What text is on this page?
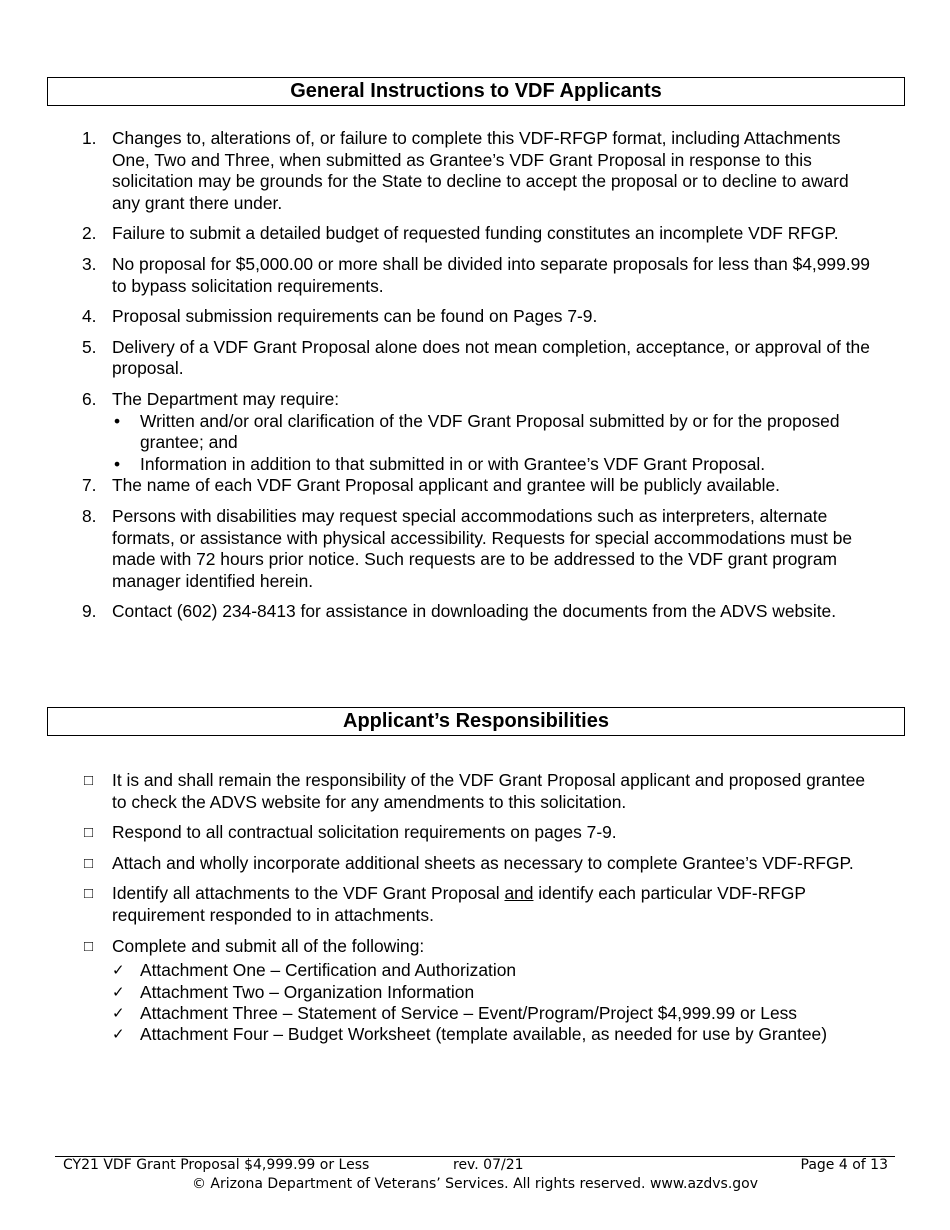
General Instructions to VDF Applicants
1. Changes to, alterations of, or failure to complete this VDF-RFGP format, including Attachments One, Two and Three, when submitted as Grantee’s VDF Grant Proposal in response to this solicitation may be grounds for the State to decline to accept the proposal or to decline to award any grant there under.
2. Failure to submit a detailed budget of requested funding constitutes an incomplete VDF RFGP.
3. No proposal for $5,000.00 or more shall be divided into separate proposals for less than $4,999.99 to bypass solicitation requirements.
4. Proposal submission requirements can be found on Pages 7-9.
5. Delivery of a VDF Grant Proposal alone does not mean completion, acceptance, or approval of the proposal.
6. The Department may require:
• Written and/or oral clarification of the VDF Grant Proposal submitted by or for the proposed grantee; and
• Information in addition to that submitted in or with Grantee’s VDF Grant Proposal.
7. The name of each VDF Grant Proposal applicant and grantee will be publicly available.
8. Persons with disabilities may request special accommodations such as interpreters, alternate formats, or assistance with physical accessibility. Requests for special accommodations must be made with 72 hours prior notice. Such requests are to be addressed to the VDF grant program manager identified herein.
9. Contact (602) 234-8413 for assistance in downloading the documents from the ADVS website.
Applicant’s Responsibilities
□ It is and shall remain the responsibility of the VDF Grant Proposal applicant and proposed grantee to check the ADVS website for any amendments to this solicitation.
□ Respond to all contractual solicitation requirements on pages 7-9.
□ Attach and wholly incorporate additional sheets as necessary to complete Grantee’s VDF-RFGP.
□ Identify all attachments to the VDF Grant Proposal and identify each particular VDF-RFGP requirement responded to in attachments.
□ Complete and submit all of the following:
✓ Attachment One – Certification and Authorization
✓ Attachment Two – Organization Information
✓ Attachment Three – Statement of Service – Event/Program/Project $4,999.99 or Less
✓ Attachment Four – Budget Worksheet (template available, as needed for use by Grantee)
CY21 VDF Grant Proposal $4,999.99 or Less	rev. 07/21	Page 4 of 13
© Arizona Department of Veterans’ Services. All rights reserved. www.azdvs.gov
